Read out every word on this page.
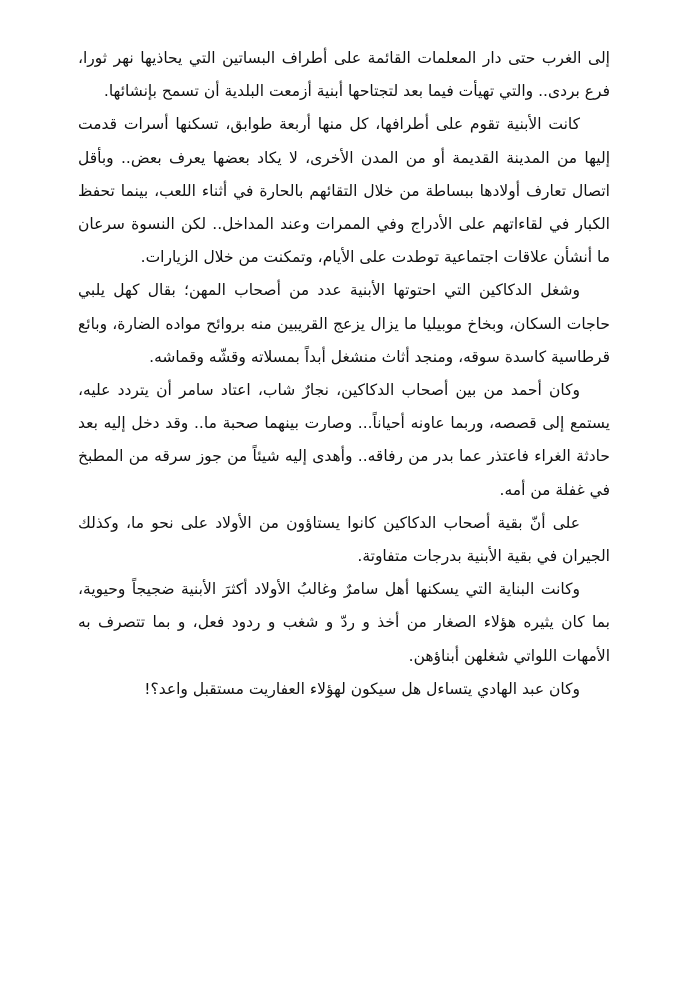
إلى الغرب حتى دار المعلمات القائمة على أطراف البساتين التي يحاذيها نهر ثورا، فرع بردى.. والتي تهيأت فيما بعد لتجتاحها أبنية أزمعت البلدية أن تسمح بإنشائها.

كانت الأبنية تقوم على أطرافها، كل منها أربعة طوابق، تسكنها أسرات قدمت إليها من المدينة القديمة أو من المدن الأخرى، لا يكاد بعضها يعرف بعض.. وبأقل اتصال تعارف أولادها ببساطة من خلال التقائهم بالحارة في أثناء اللعب، بينما تحفظ الكبار في لقاءاتهم على الأدراج وفي الممرات وعند المداخل.. لكن النسوة سرعان ما أنشأن علاقات اجتماعية توطدت على الأيام، وتمكنت من خلال الزيارات.

وشغل الدكاكين التي احتوتها الأبنية عدد من أصحاب المهن؛ بقال كهل يلبي حاجات السكان، وبخاخ موبيليا ما يزال يزعج القريبين منه بروائح مواده الضارة، وبائع قرطاسية كاسدة سوقه، ومنجد أثاث منشغل أبداً بمسلاته وقشّه وقماشه.

وكان أحمد من بين أصحاب الدكاكين، نجارٌ شاب، اعتاد سامر أن يتردد عليه، يستمع إلى قصصه، وربما عاونه أحياناً... وصارت بينهما صحبة ما.. وقد دخل إليه بعد حادثة الغراء فاعتذر عما بدر من رفاقه.. وأهدى إليه شيئاً من جوز سرقه من المطبخ في غفلة من أمه.

على أنّ بقية أصحاب الدكاكين كانوا يستاؤون من الأولاد على نحو ما، وكذلك الجيران في بقية الأبنية بدرجات متفاوتة.

وكانت البناية التي يسكنها أهل سامرٌ وغالبُ الأولاد أكثرَ الأبنية ضجيجاً وحيوية، بما كان يثيره هؤلاء الصغار من أخذ و ردّ و شغب و ردود فعل، و بما تتصرف به الأمهات اللواتي شغلهن أبناؤهن.

وكان عبد الهادي يتساءل هل سيكون لهؤلاء العفاريت مستقبل واعد؟!
